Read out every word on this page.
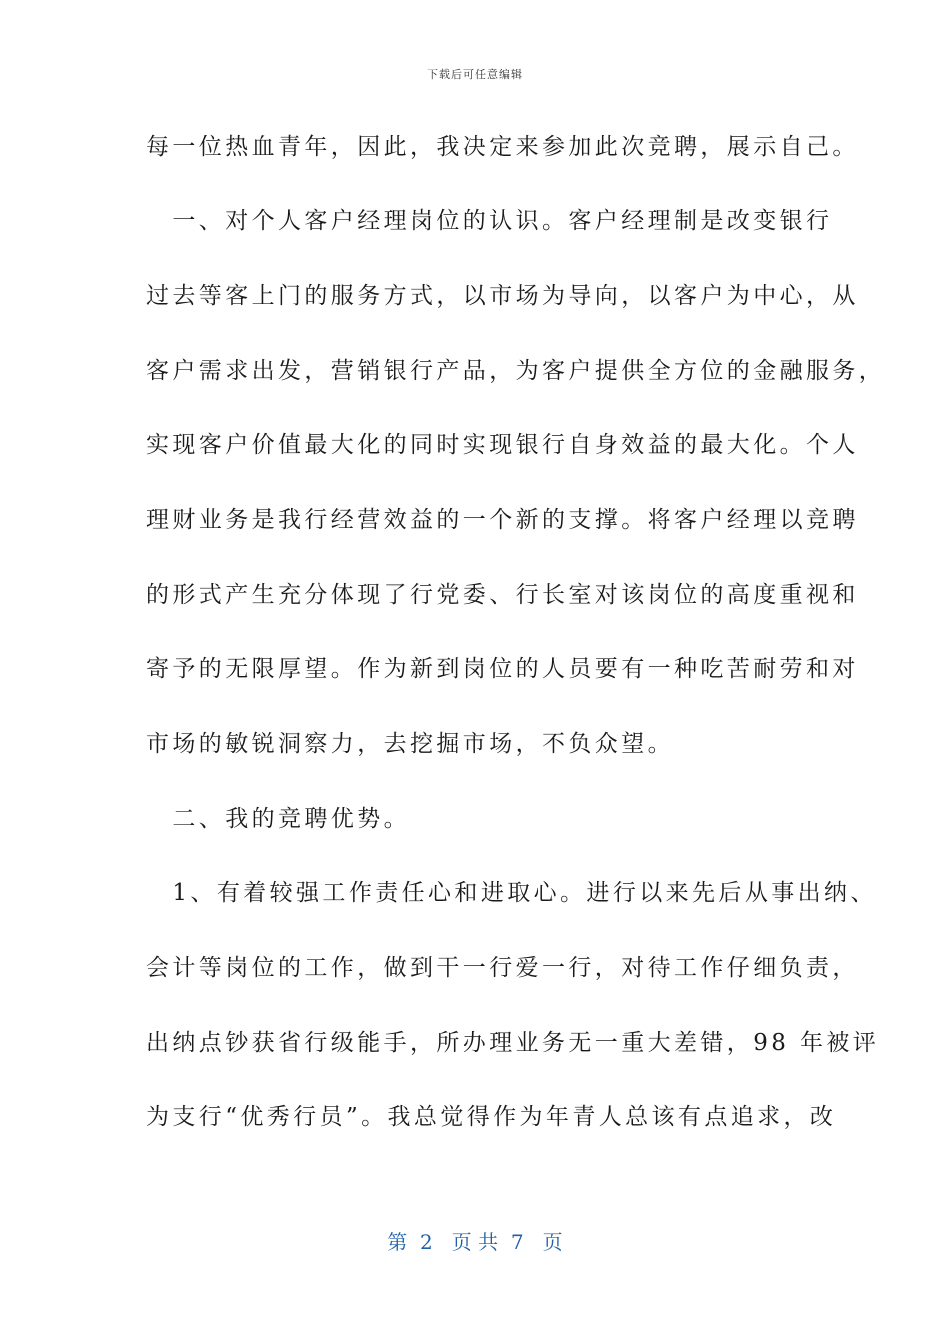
下载后可任意编辑
每一位热血青年，因此，我决定来参加此次竞聘，展示自己。
　一、对个人客户经理岗位的认识。客户经理制是改变银行
过去等客上门的服务方式，以市场为导向，以客户为中心，从
客户需求出发，营销银行产品，为客户提供全方位的金融服务，
实现客户价值最大化的同时实现银行自身效益的最大化。个人
理财业务是我行经营效益的一个新的支撑。将客户经理以竞聘
的形式产生充分体现了行党委、行长室对该岗位的高度重视和
寄予的无限厚望。作为新到岗位的人员要有一种吃苦耐劳和对
市场的敏锐洞察力，去挖掘市场，不负众望。
　二、我的竞聘优势。
　1、有着较强工作责任心和进取心。进行以来先后从事出纳、
会计等岗位的工作，做到干一行爱一行，对待工作仔细负责，
出纳点钞获省行级能手，所办理业务无一重大差错，98 年被评
为支行“优秀行员”。我总觉得作为年青人总该有点追求，改
第  2   页 共  7   页
